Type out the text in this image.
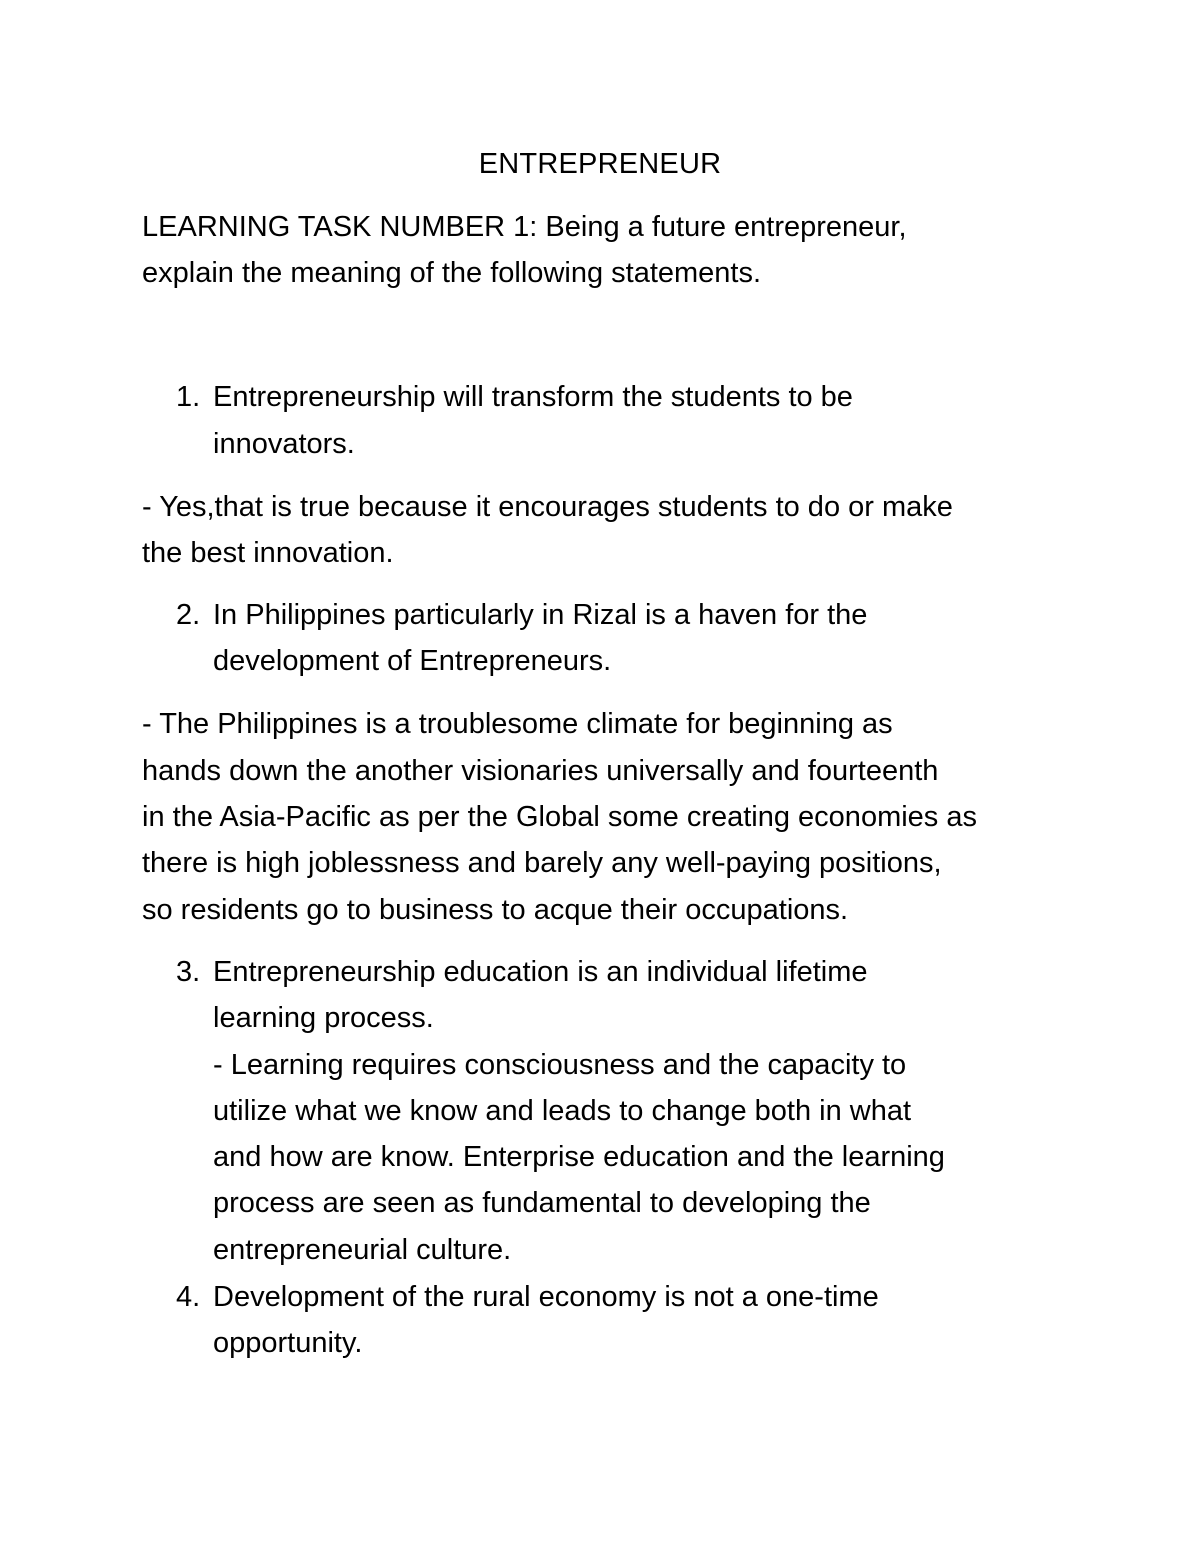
ENTREPRENEUR
LEARNING TASK NUMBER 1: Being a future entrepreneur,
explain the meaning of the following statements.
1. Entrepreneurship will transform the students to be
innovators.
- Yes,that is true because it encourages students to do or make
the best innovation.
2. In Philippines particularly in Rizal is a haven for the
development of Entrepreneurs.
- The Philippines is a troublesome climate for beginning as
hands down the another visionaries universally and fourteenth
in the Asia-Pacific as per the Global some creating economies as
there is high joblessness and barely any well-paying positions,
so residents go to business to acque their occupations.
3. Entrepreneurship education is an individual lifetime
learning process.
- Learning requires consciousness and the capacity to
utilize what we know and leads to change both in what
and how are know. Enterprise education and the learning
process are seen as fundamental to developing the
entrepreneurial culture.
4. Development of the rural economy is not a one-time
opportunity.
